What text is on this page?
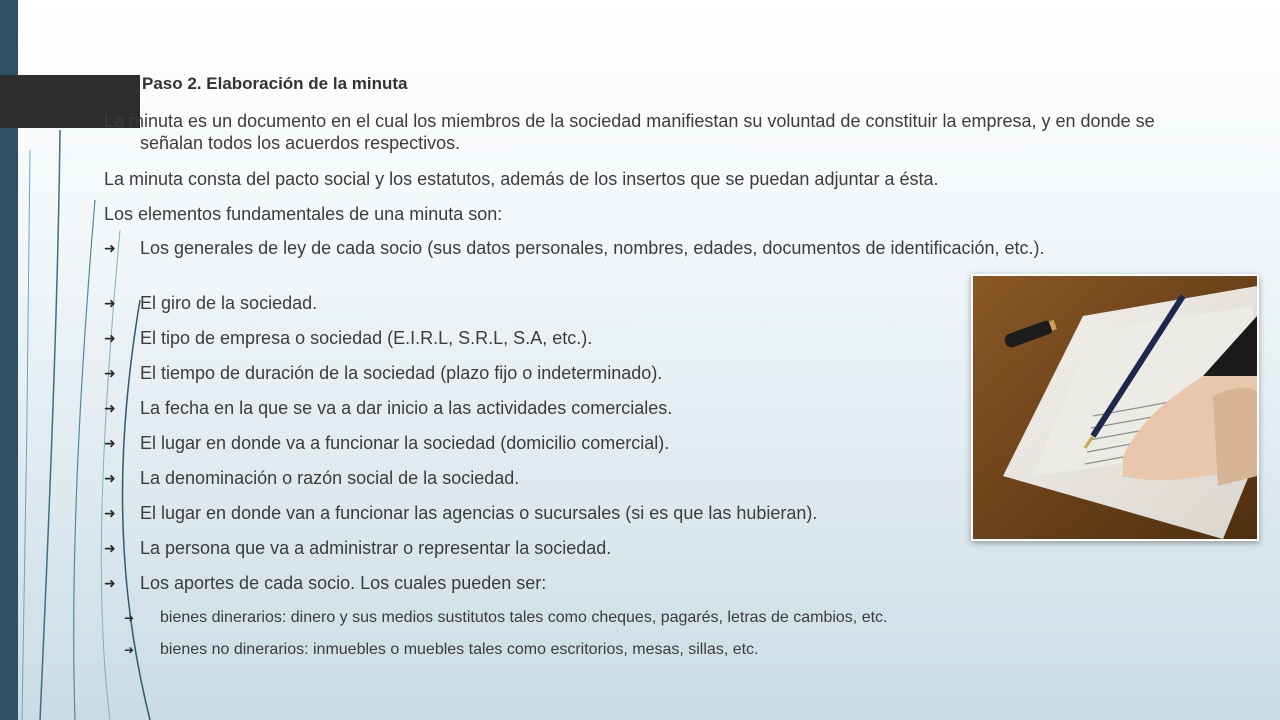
Paso 2. Elaboración de la minuta
La minuta es un documento en el cual los miembros de la sociedad manifiestan su voluntad de constituir la empresa, y en donde se señalan todos los acuerdos respectivos.
La minuta consta del pacto social y los estatutos, además de los insertos que se puedan adjuntar a ésta.
Los elementos fundamentales de una minuta son:
➜	Los generales de ley de cada socio (sus datos personales, nombres, edades, documentos de identificación, etc.).
➜	El giro de la sociedad.
➜	El tipo de empresa o sociedad (E.I.R.L, S.R.L, S.A, etc.).
➜	El tiempo de duración de la sociedad (plazo fijo o indeterminado).
➜	La fecha en la que se va a dar inicio a las actividades comerciales.
➜	El lugar en donde va a funcionar la sociedad (domicilio comercial).
➜	La denominación o razón social de la sociedad.
➜	El lugar en donde van a funcionar las agencias o sucursales (si es que las hubieran).
➜	La persona que va a administrar o representar la sociedad.
➜	Los aportes de cada socio. Los cuales pueden ser:
➜	bienes dinerarios: dinero y sus medios sustitutos tales como cheques, pagarés, letras de cambios, etc.
➜	bienes no dinerarios: inmuebles o muebles tales como escritorios, mesas, sillas, etc.
